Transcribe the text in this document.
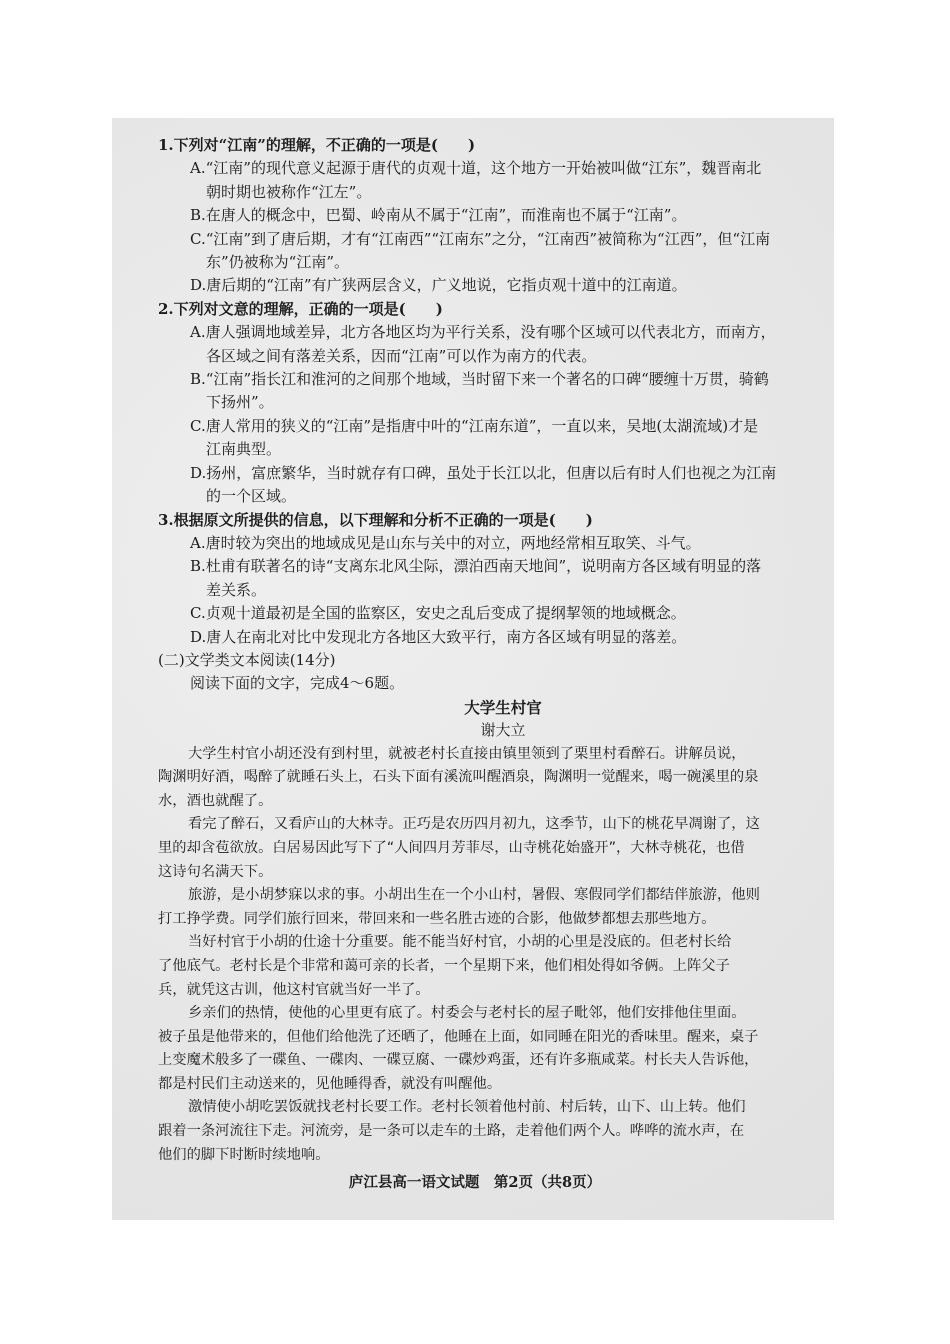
1.下列对“江南”的理解，不正确的一项是(　　)
A.“江南”的现代意义起源于唐代的贞观十道，这个地方一开始被叫做“江东”，魏晋南北
朝时期也被称作“江左”。
B.在唐人的概念中，巴蜀、岭南从不属于“江南”，而淮南也不属于“江南”。
C.“江南”到了唐后期，才有“江南西”“江南东”之分，“江南西”被简称为“江西”，但“江南
东”仍被称为“江南”。
D.唐后期的“江南”有广狭两层含义，广义地说，它指贞观十道中的江南道。
2.下列对文意的理解，正确的一项是(　　)
A.唐人强调地域差异，北方各地区均为平行关系，没有哪个区域可以代表北方，而南方，
各区域之间有落差关系，因而“江南”可以作为南方的代表。
B.“江南”指长江和淮河的之间那个地域，当时留下来一个著名的口碑“腰缠十万贯，骑鹤
下扬州”。
C.唐人常用的狭义的“江南”是指唐中叶的“江南东道”，一直以来，吴地(太湖流域)才是
江南典型。
D.扬州，富庶繁华，当时就存有口碑，虽处于长江以北，但唐以后有时人们也视之为江南
的一个区域。
3.根据原文所提供的信息，以下理解和分析不正确的一项是(　　)
A.唐时较为突出的地域成见是山东与关中的对立，两地经常相互取笑、斗气。
B.杜甫有联著名的诗“支离东北风尘际，漂泊西南天地间”，说明南方各区域有明显的落
差关系。
C.贞观十道最初是全国的监察区，安史之乱后变成了提纲挈领的地域概念。
D.唐人在南北对比中发现北方各地区大致平行，南方各区域有明显的落差。
(二)文学类文本阅读(14分)
阅读下面的文字，完成4～6题。
大学生村官
谢大立
大学生村官小胡还没有到村里，就被老村长直接由镇里领到了栗里村看醉石。讲解员说，
陶渊明好酒，喝醉了就睡石头上，石头下面有溪流叫醒酒泉，陶渊明一觉醒来，喝一碗溪里的泉
水，酒也就醒了。
看完了醉石，又看庐山的大林寺。正巧是农历四月初九，这季节，山下的桃花早凋谢了，这
里的却含苞欲放。白居易因此写下了“人间四月芳菲尽，山寺桃花始盛开”，大林寺桃花，也借
这诗句名满天下。
旅游，是小胡梦寐以求的事。小胡出生在一个小山村，暑假、寒假同学们都结伴旅游，他则
打工挣学费。同学们旅行回来，带回来和一些名胜古迹的合影，他做梦都想去那些地方。
当好村官于小胡的仕途十分重要。能不能当好村官，小胡的心里是没底的。但老村长给
了他底气。老村长是个非常和蔼可亲的长者，一个星期下来，他们相处得如爷俩。上阵父子
兵，就凭这古训，他这村官就当好一半了。
乡亲们的热情，使他的心里更有底了。村委会与老村长的屋子毗邻，他们安排他住里面。
被子虽是他带来的，但他们给他洗了还晒了，他睡在上面，如同睡在阳光的香味里。醒来，桌子
上变魔术般多了一碟鱼、一碟肉、一碟豆腐、一碟炒鸡蛋，还有许多瓶咸菜。村长夫人告诉他，
都是村民们主动送来的，见他睡得香，就没有叫醒他。
激情使小胡吃罢饭就找老村长要工作。老村长领着他村前、村后转，山下、山上转。他们
跟着一条河流往下走。河流旁，是一条可以走车的土路，走着他们两个人。哗哗的流水声，在
他们的脚下时断时续地响。
庐江县高一语文试题　第2页（共8页）
